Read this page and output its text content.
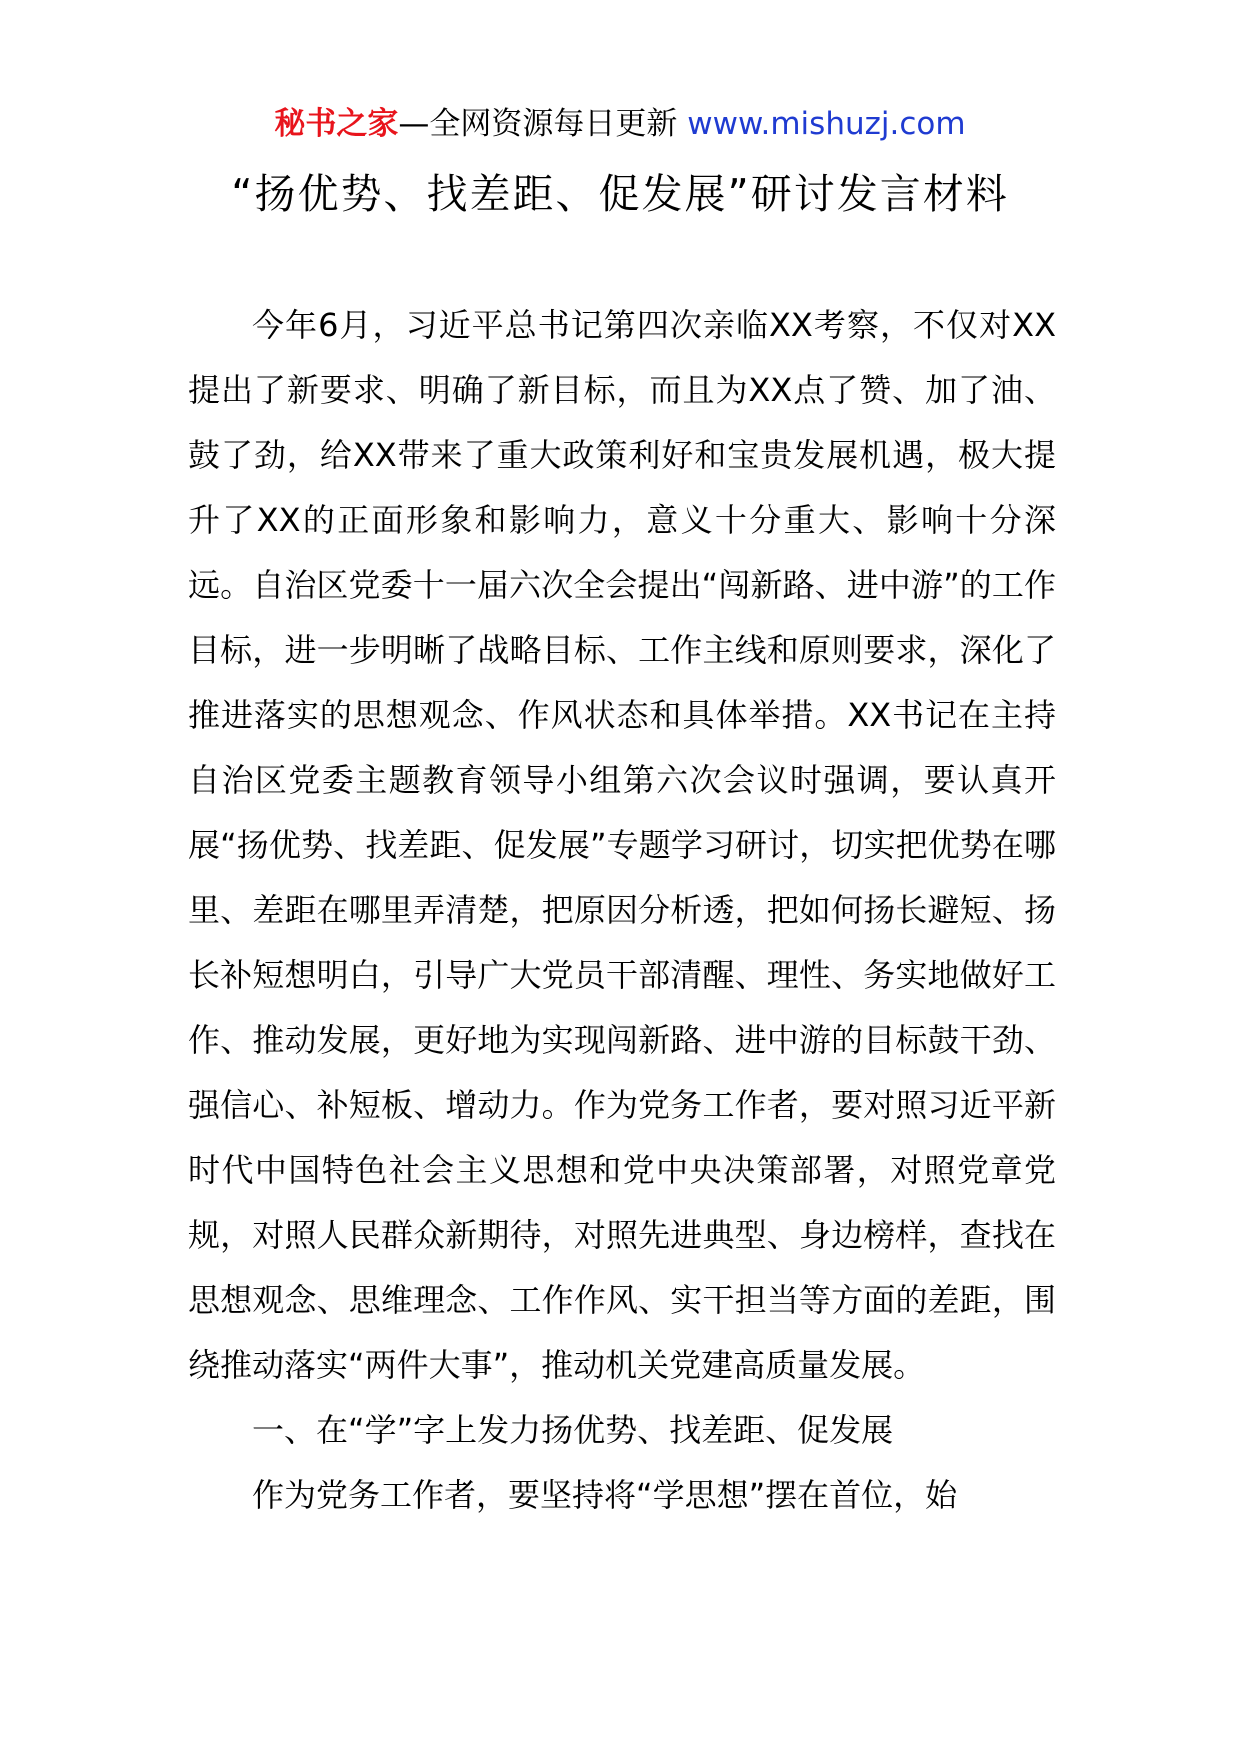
秘书之家—全网资源每日更新 www.mishuzj.com
“扬优势、找差距、促发展”研讨发言材料

今年6月，习近平总书记第四次亲临XX考察，不仅对XX提出了新要求、明确了新目标，而且为XX点了赞、加了油、鼓了劲，给XX带来了重大政策利好和宝贵发展机遇，极大提升了XX的正面形象和影响力，意义十分重大、影响十分深远。自治区党委十一届六次全会提出“闯新路、进中游”的工作目标，进一步明晰了战略目标、工作主线和原则要求，深化了推进落实的思想观念、作风状态和具体举措。XX书记在主持自治区党委主题教育领导小组第六次会议时强调，要认真开展“扬优势、找差距、促发展”专题学习研讨，切实把优势在哪里、差距在哪里弄清楚，把原因分析透，把如何扬长避短、扬长补短想明白，引导广大党员干部清醒、理性、务实地做好工作、推动发展，更好地为实现闯新路、进中游的目标鼓干劲、强信心、补短板、增动力。作为党务工作者，要对照习近平新时代中国特色社会主义思想和党中央决策部署，对照党章党规，对照人民群众新期待，对照先进典型、身边榜样，查找在思想观念、思维理念、工作作风、实干担当等方面的差距，围绕推动落实“两件大事”，推动机关党建高质量发展。

一、在“学”字上发力扬优势、找差距、促发展

作为党务工作者，要坚持将“学思想”摆在首位，始
